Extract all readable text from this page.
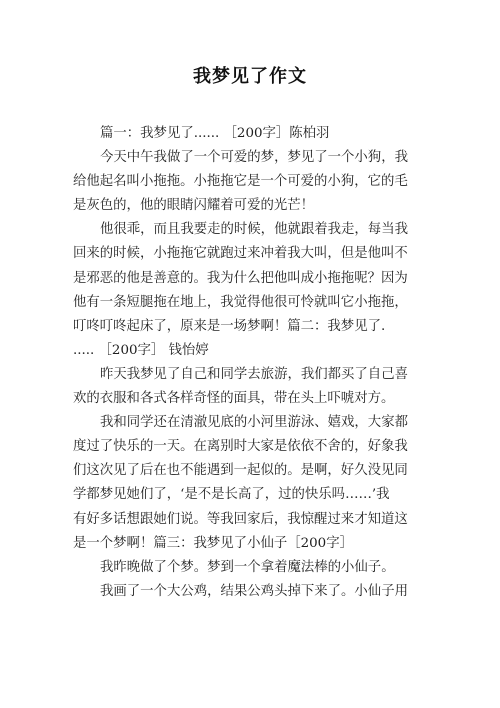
我梦见了作文
篇一：我梦见了...... ［200字］陈柏羽
今天中午我做了一个可爱的梦，梦见了一个小狗，我
给他起名叫小拖拖。小拖拖它是一个可爱的小狗，它的毛
是灰色的，他的眼睛闪耀着可爱的光芒！
他很乖，而且我要走的时候，他就跟着我走，每当我
回来的时候，小拖拖它就跑过来冲着我大叫，但是他叫不
是邪恶的他是善意的。我为什么把他叫成小拖拖呢？因为
他有一条短腿拖在地上，我觉得他很可怜就叫它小拖拖，
叮咚叮咚起床了，原来是一场梦啊！篇二：我梦见了.
..... ［200字］ 钱怡婷
昨天我梦见了自己和同学去旅游，我们都买了自己喜
欢的衣服和各式各样奇怪的面具，带在头上吓唬对方。
我和同学还在清澈见底的小河里游泳、嬉戏，大家都
度过了快乐的一天。在离别时大家是依依不舍的，好象我
们这次见了后在也不能遇到一起似的。是啊，好久没见同
学都梦见她们了，‘是不是长高了，过的快乐吗……’我
有好多话想跟她们说。等我回家后，我惊醒过来才知道这
是一个梦啊！篇三：我梦见了小仙子［200字］
我昨晚做了个梦。梦到一个拿着魔法棒的小仙子。
我画了一个大公鸡，结果公鸡头掉下来了。小仙子用
